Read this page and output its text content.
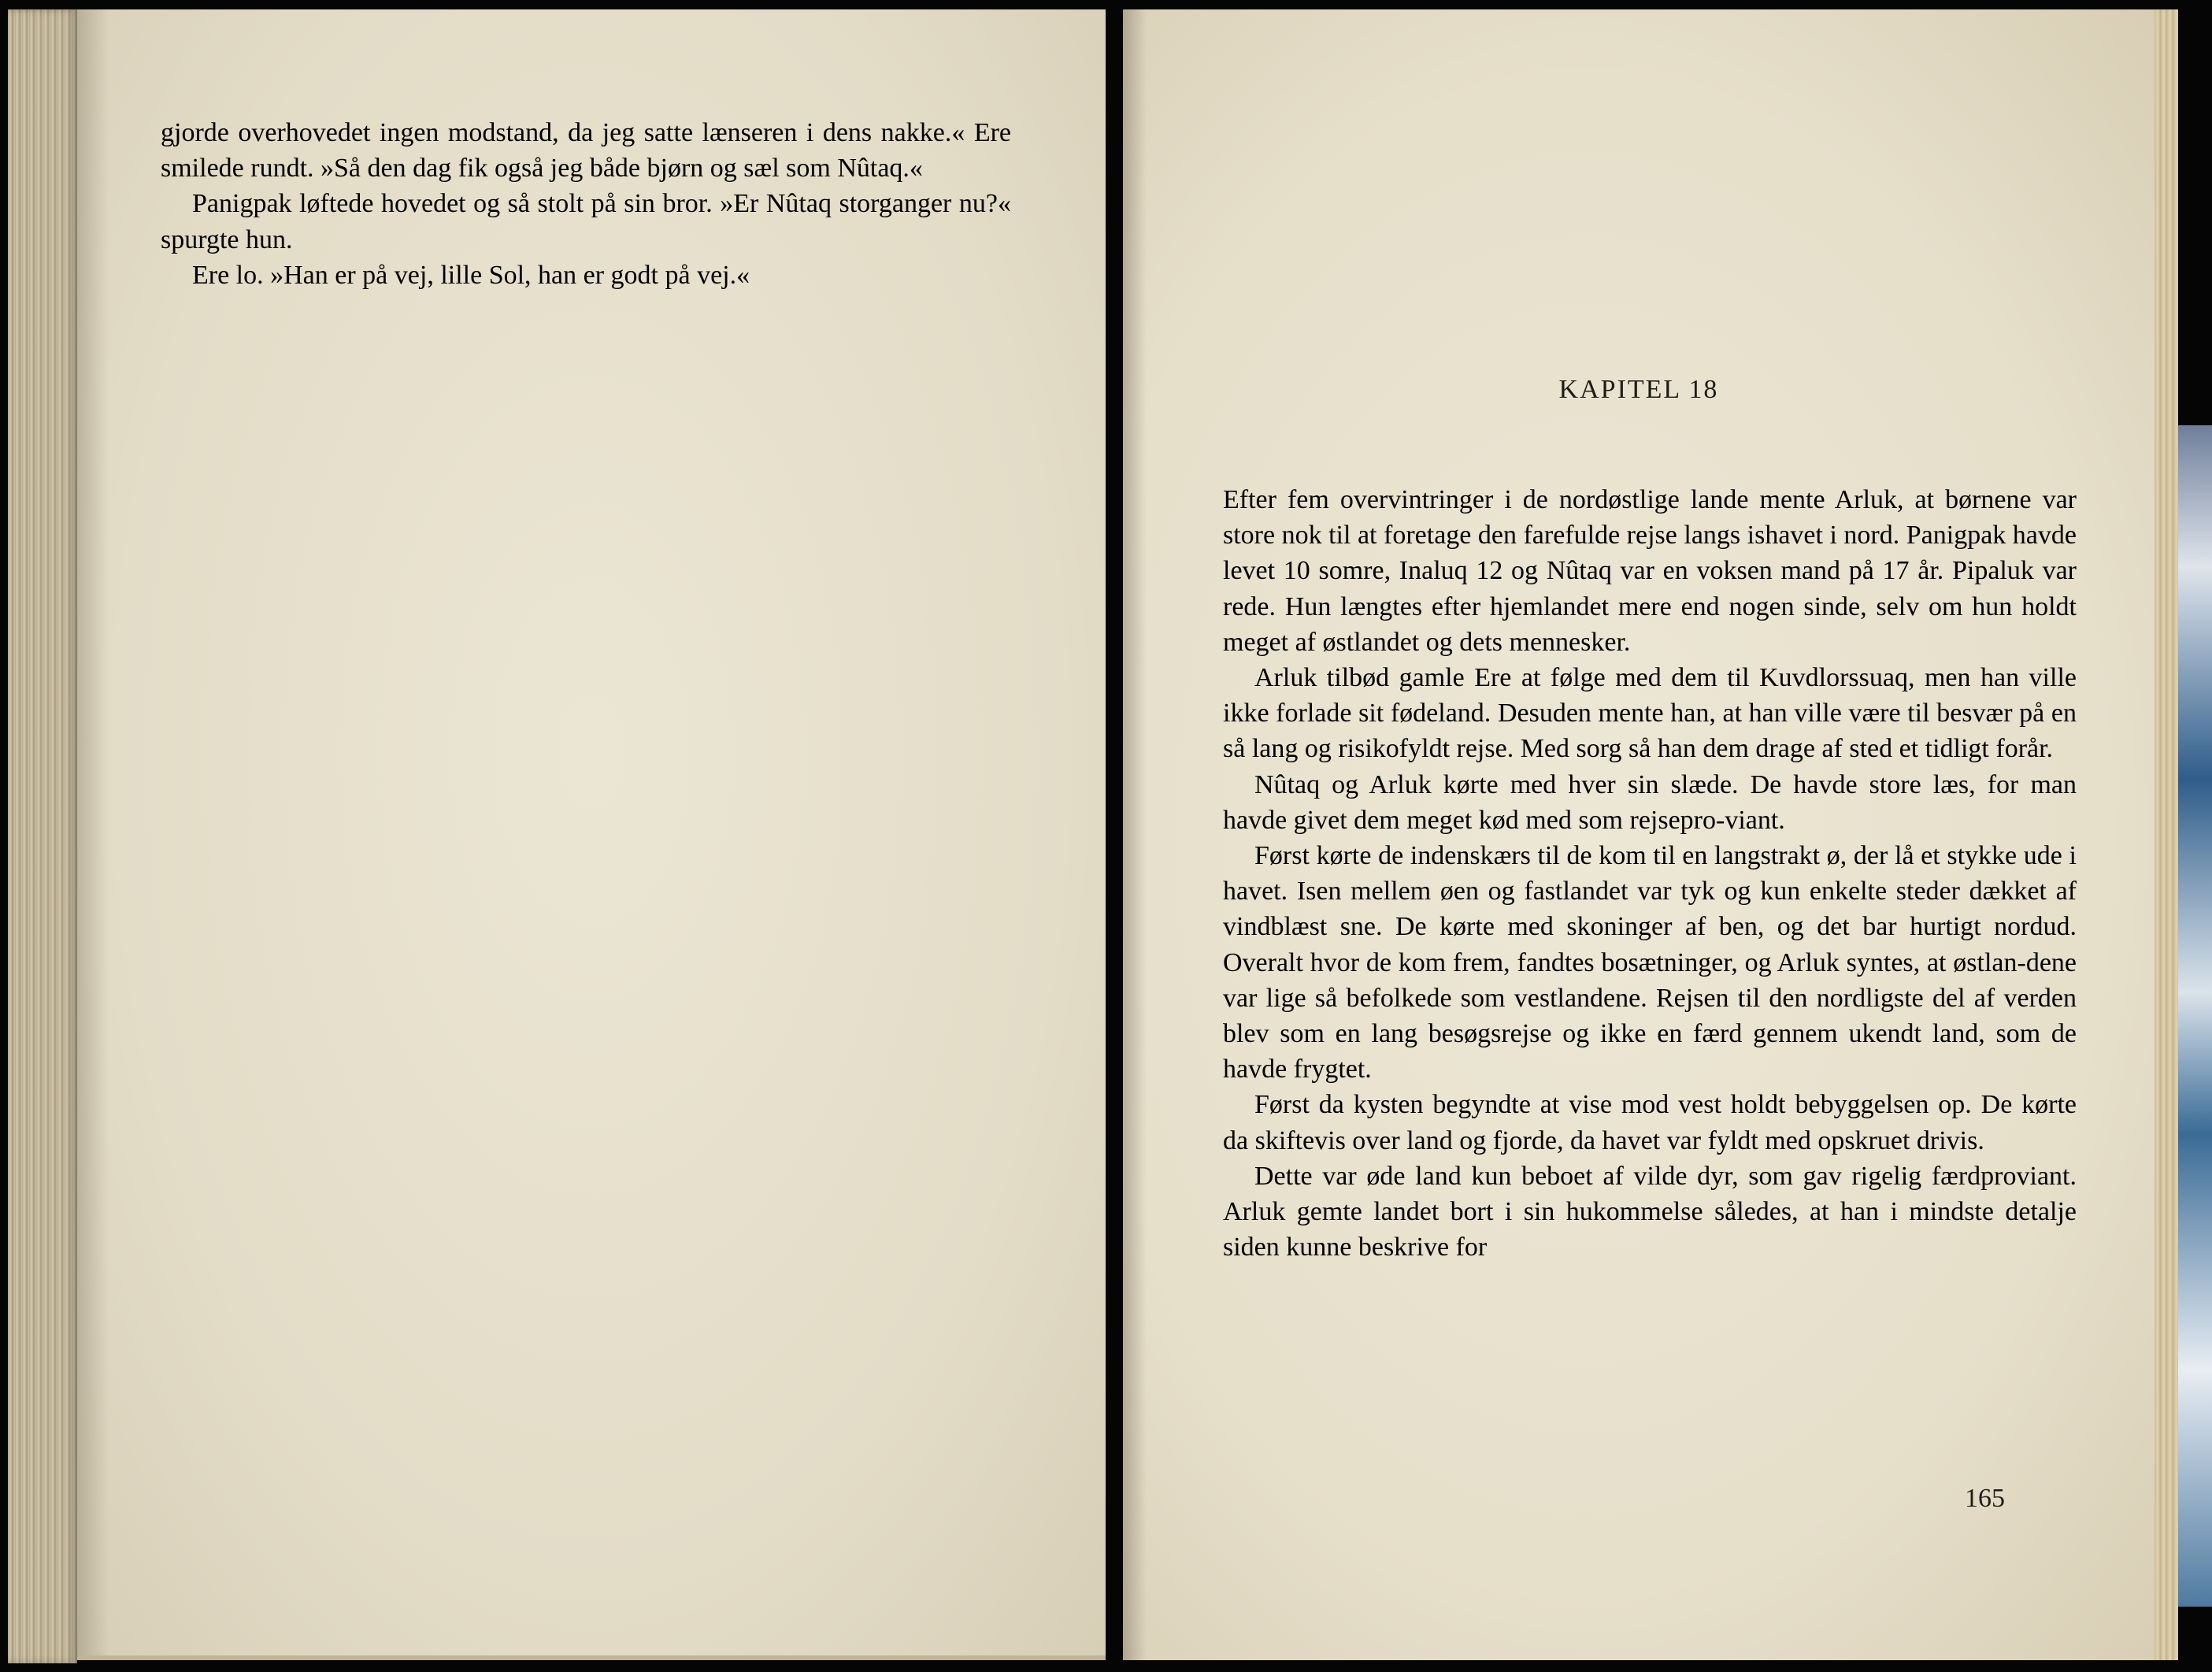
gjorde overhovedet ingen modstand, da jeg satte lænseren i dens nakke.« Ere smilede rundt. »Så den dag fik også jeg både bjørn og sæl som Nûtaq.«

Panigpak løftede hovedet og så stolt på sin bror. »Er Nûtaq storganger nu?« spurgte hun.

Ere lo. »Han er på vej, lille Sol, han er godt på vej.«

KAPITEL 18

Efter fem overvintringer i de nordøstlige lande mente Arluk, at børnene var store nok til at foretage den farefulde rejse langs ishavet i nord. Panigpak havde levet 10 somre, Inaluq 12 og Nûtaq var en voksen mand på 17 år. Pipaluk var rede. Hun længtes efter hjemlandet mere end nogen sinde, selv om hun holdt meget af østlandet og dets mennesker.

Arluk tilbød gamle Ere at følge med dem til Kuvdlorssuaq, men han ville ikke forlade sit fødeland. Desuden mente han, at han ville være til besvær på en så lang og risikofyldt rejse. Med sorg så han dem drage af sted et tidligt forår.

Nûtaq og Arluk kørte med hver sin slæde. De havde store læs, for man havde givet dem meget kød med som rejsepro-viant.

Først kørte de indenskærs til de kom til en langstrakt ø, der lå et stykke ude i havet. Isen mellem øen og fastlandet var tyk og kun enkelte steder dækket af vindblæst sne. De kørte med skoninger af ben, og det bar hurtigt nordud. Overalt hvor de kom frem, fandtes bosætninger, og Arluk syntes, at østlan-dene var lige så befolkede som vestlandene. Rejsen til den nordligste del af verden blev som en lang besøgsrejse og ikke en færd gennem ukendt land, som de havde frygtet.

Først da kysten begyndte at vise mod vest holdt bebyggelsen op. De kørte da skiftevis over land og fjorde, da havet var fyldt med opskruet drivis.

Dette var øde land kun beboet af vilde dyr, som gav rigelig færdproviant. Arluk gemte landet bort i sin hukommelse således, at han i mindste detalje siden kunne beskrive for

165
